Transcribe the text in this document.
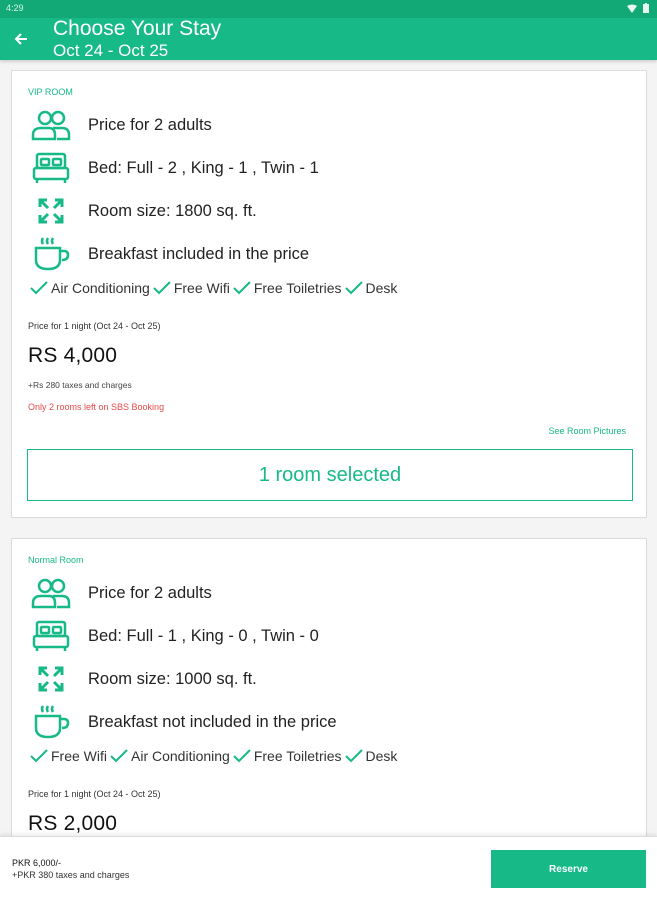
4:29
Choose Your Stay
Oct 24 - Oct 25
VIP ROOM
Price for 2 adults
Bed: Full - 2 , King - 1 , Twin - 1
Room size: 1800 sq. ft.
Breakfast included in the price
Air Conditioning Free Wifi Free Toiletries Desk
Price for 1 night (Oct 24 - Oct 25)
RS 4,000
+Rs 280 taxes and charges
Only 2 rooms left on SBS Booking
See Room Pictures
1 room selected
Normal Room
Price for 2 adults
Bed: Full - 1 , King - 0 , Twin - 0
Room size: 1000 sq. ft.
Breakfast not included in the price
Free Wifi Air Conditioning Free Toiletries Desk
Price for 1 night (Oct 24 - Oct 25)
RS 2,000
PKR 6,000/-
+PKR 380 taxes and charges
Reserve
